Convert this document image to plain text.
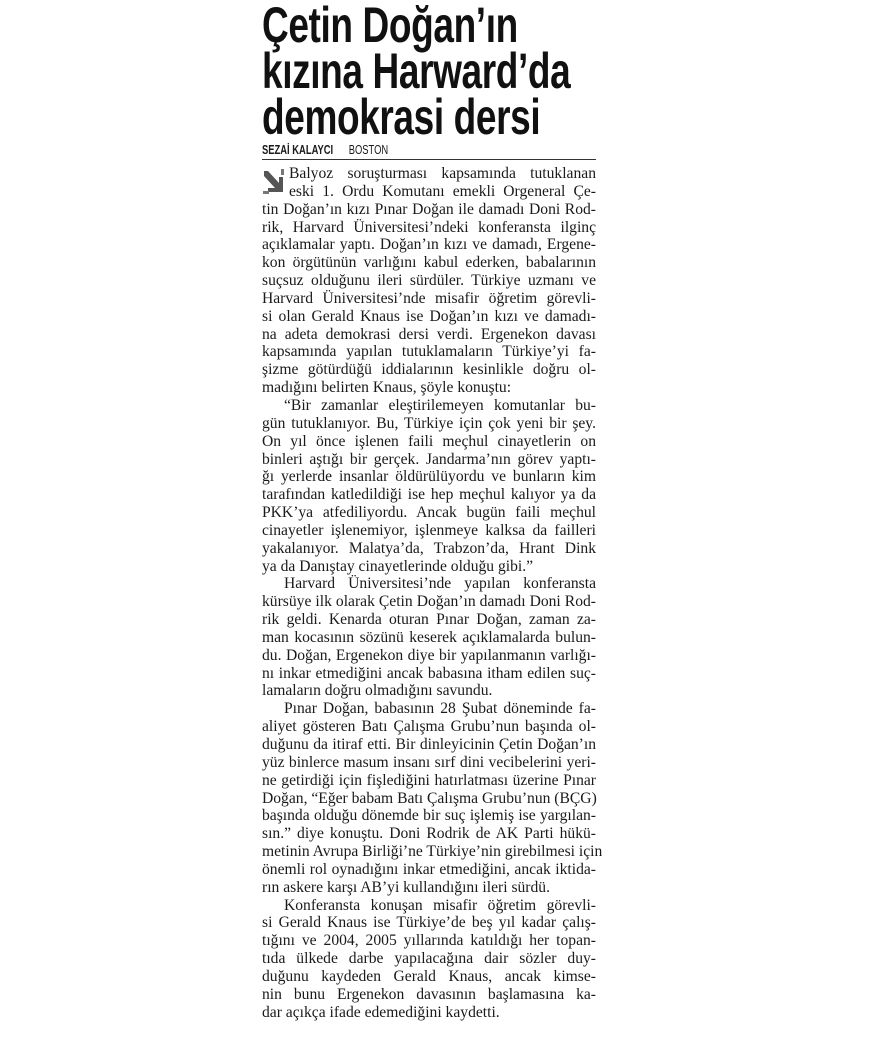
Çetin Doğan’ın
kızına Harward’da
demokrasi dersi
SEZAİ KALAYCI BOSTON
Balyoz soruşturması kapsamında tutuklanan
eski 1. Ordu Komutanı emekli Orgeneral Çe-
tin Doğan’ın kızı Pınar Doğan ile damadı Doni Rod-
rik, Harvard Üniversitesi’ndeki konferansta ilginç
açıklamalar yaptı. Doğan’ın kızı ve damadı, Ergene-
kon örgütünün varlığını kabul ederken, babalarının
suçsuz olduğunu ileri sürdüler. Türkiye uzmanı ve
Harvard Üniversitesi’nde misafir öğretim görevli-
si olan Gerald Knaus ise Doğan’ın kızı ve damadı-
na adeta demokrasi dersi verdi. Ergenekon davası
kapsamında yapılan tutuklamaların Türkiye’yi fa-
şizme götürdüğü iddialarının kesinlikle doğru ol-
madığını belirten Knaus, şöyle konuştu:
“Bir zamanlar eleştirilemeyen komutanlar bu-
gün tutuklanıyor. Bu, Türkiye için çok yeni bir şey.
On yıl önce işlenen faili meçhul cinayetlerin on
binleri aştığı bir gerçek. Jandarma’nın görev yaptı-
ğı yerlerde insanlar öldürülüyordu ve bunların kim
tarafından katledildiği ise hep meçhul kalıyor ya da
PKK’ya atfediliyordu. Ancak bugün faili meçhul
cinayetler işlenemiyor, işlenmeye kalksa da failleri
yakalanıyor. Malatya’da, Trabzon’da, Hrant Dink
ya da Danıştay cinayetlerinde olduğu gibi.”
Harvard Üniversitesi’nde yapılan konferansta
kürsüye ilk olarak Çetin Doğan’ın damadı Doni Rod-
rik geldi. Kenarda oturan Pınar Doğan, zaman za-
man kocasının sözünü keserek açıklamalarda bulun-
du. Doğan, Ergenekon diye bir yapılanmanın varlığı-
nı inkar etmediğini ancak babasına itham edilen suç-
lamaların doğru olmadığını savundu.
Pınar Doğan, babasının 28 Şubat döneminde fa-
aliyet gösteren Batı Çalışma Grubu’nun başında ol-
duğunu da itiraf etti. Bir dinleyicinin Çetin Doğan’ın
yüz binlerce masum insanı sırf dini vecibelerini yeri-
ne getirdiği için fişlediğini hatırlatması üzerine Pınar
Doğan, “Eğer babam Batı Çalışma Grubu’nun (BÇG)
başında olduğu dönemde bir suç işlemiş ise yargılan-
sın.” diye konuştu. Doni Rodrik de AK Parti hükü-
metinin Avrupa Birliği’ne Türkiye’nin girebilmesi için
önemli rol oynadığını inkar etmediğini, ancak iktida-
rın askere karşı AB’yi kullandığını ileri sürdü.
Konferansta konuşan misafir öğretim görevli-
si Gerald Knaus ise Türkiye’de beş yıl kadar çalış-
tığını ve 2004, 2005 yıllarında katıldığı her topan-
tıda ülkede darbe yapılacağına dair sözler duy-
duğunu kaydeden Gerald Knaus, ancak kimse-
nin bunu Ergenekon davasının başlamasına ka-
dar açıkça ifade edemediğini kaydetti.
